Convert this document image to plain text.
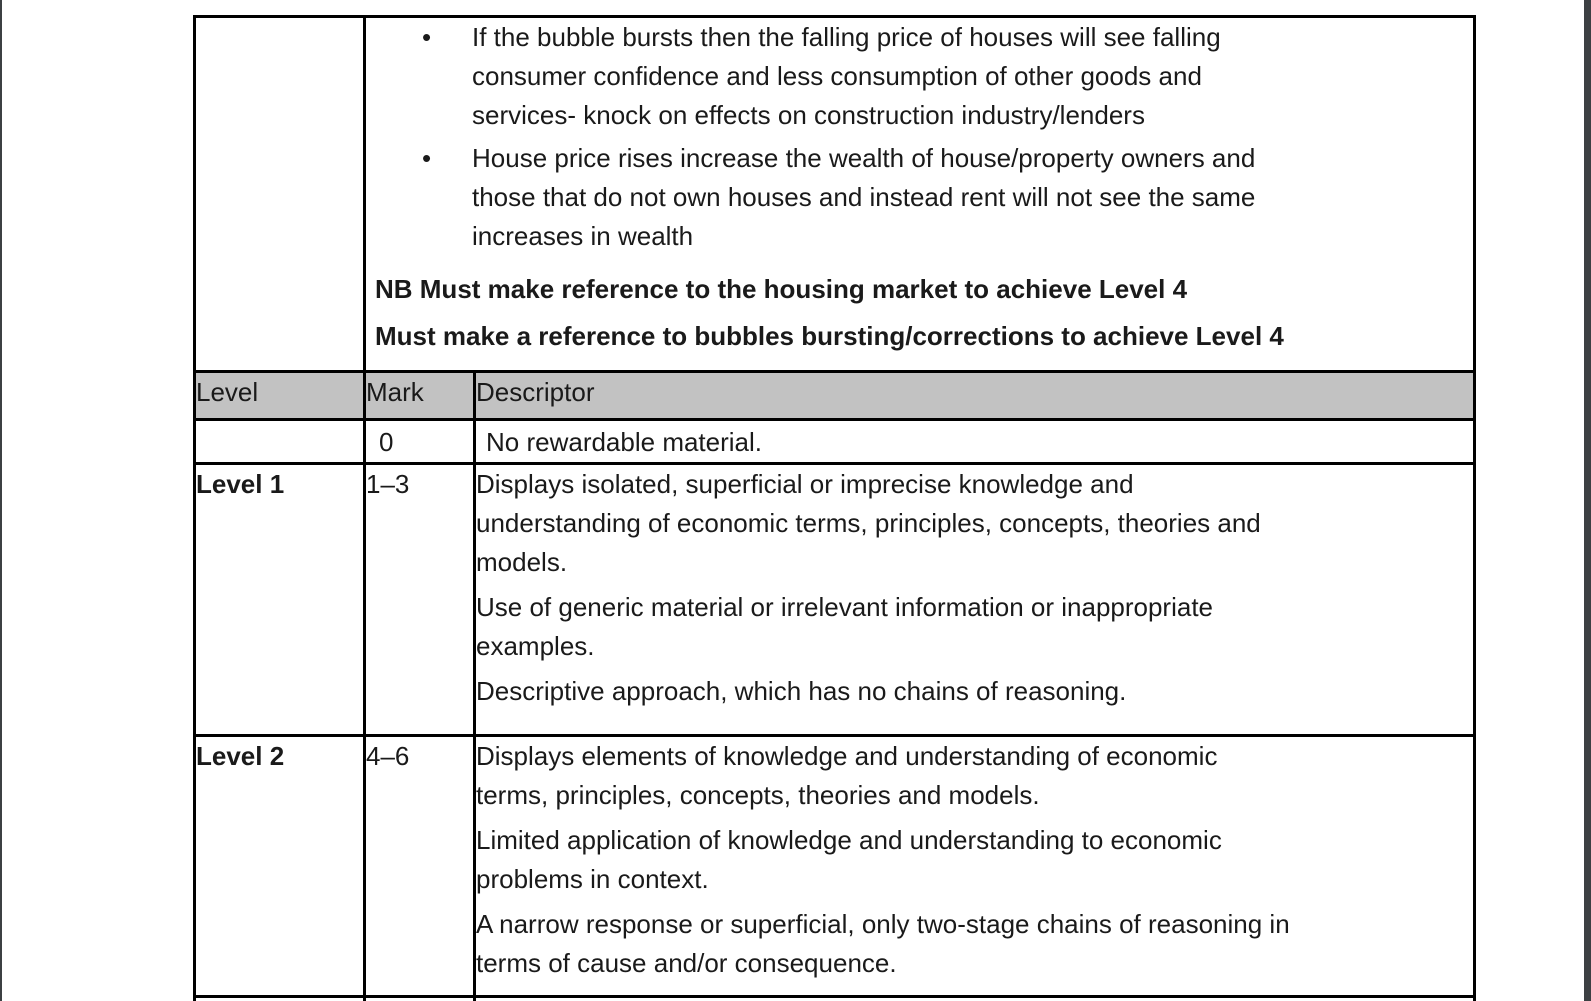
• If the bubble bursts then the falling price of houses will see falling
consumer confidence and less consumption of other goods and
services- knock on effects on construction industry/lenders
• House price rises increase the wealth of house/property owners and
those that do not own houses and instead rent will not see the same
increases in wealth
NB Must make reference to the housing market to achieve Level 4
Must make a reference to bubbles bursting/corrections to achieve Level 4

Level	Mark	Descriptor
	0	No rewardable material.

Level 1	1–3	Displays isolated, superficial or imprecise knowledge and
understanding of economic terms, principles, concepts, theories and
models.
Use of generic material or irrelevant information or inappropriate
examples.
Descriptive approach, which has no chains of reasoning.

Level 2	4–6	Displays elements of knowledge and understanding of economic
terms, principles, concepts, theories and models.
Limited application of knowledge and understanding to economic
problems in context.
A narrow response or superficial, only two-stage chains of reasoning in
terms of cause and/or consequence.
